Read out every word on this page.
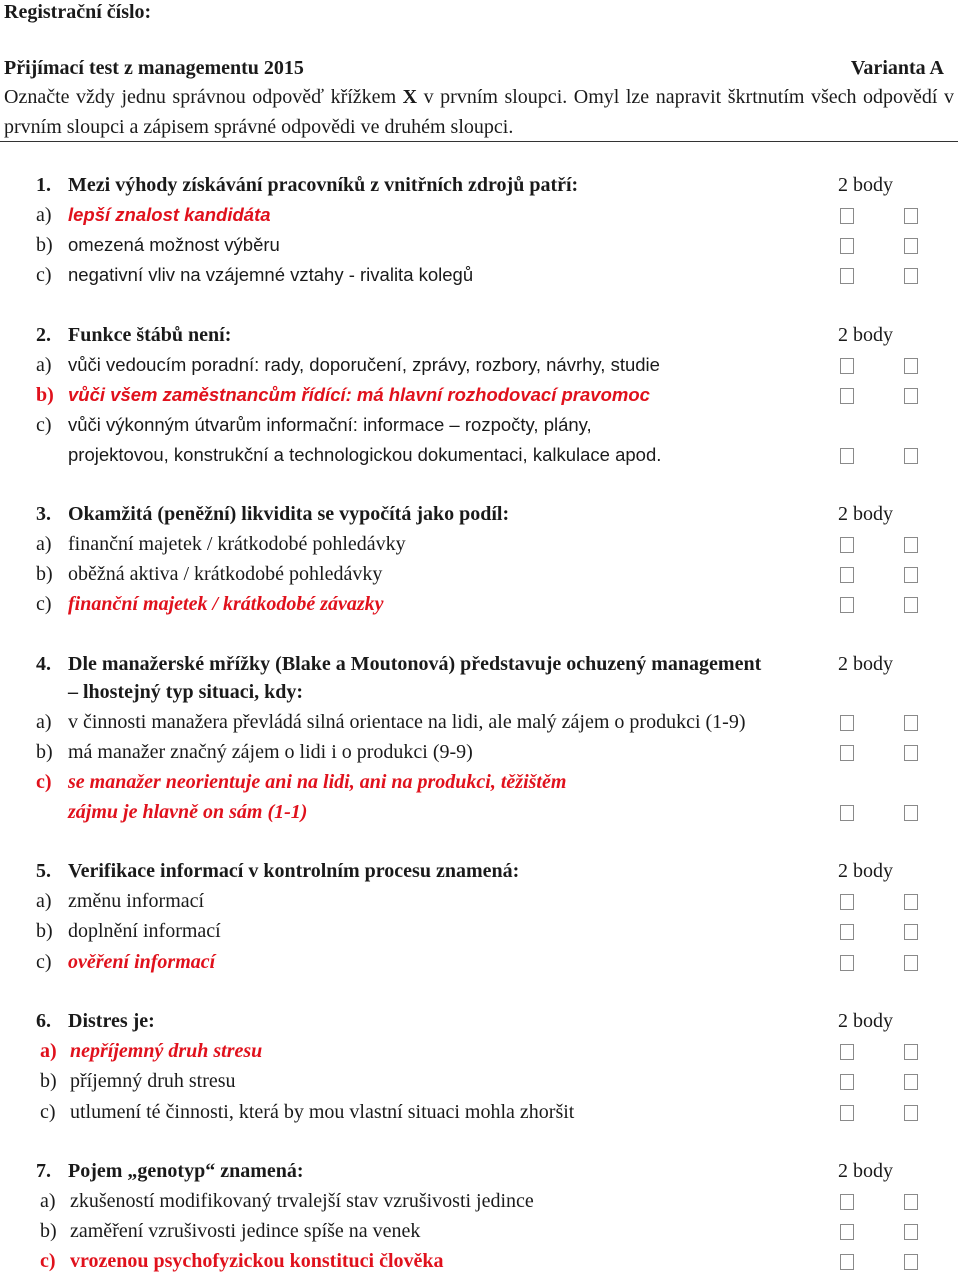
Registrační číslo:
Přijímací test z managementu 2015	Varianta A
Označte vždy jednu správnou odpověď křížkem X v prvním sloupci. Omyl lze napravit škrtnutím všech odpovědí v prvním sloupci a zápisem správné odpovědi ve druhém sloupci.
1. Mezi výhody získávání pracovníků z vnitřních zdrojů patří:	2 body
a) lepší znalost kandidáta
b) omezená možnost výběru
c) negativní vliv na vzájemné vztahy - rivalita kolegů
2. Funkce štábů není:	2 body
a) vůči vedoucím poradní: rady, doporučení, zprávy, rozbory, návrhy, studie
b) vůči všem zaměstnancům řídící: má hlavní rozhodovací pravomoc
c) vůči výkonným útvarům informační: informace – rozpočty, plány,
projektovou, konstrukční a technologickou dokumentaci, kalkulace apod.
3. Okamžitá (peněžní) likvidita se vypočítá jako podíl:	2 body
a) finanční majetek / krátkodobé pohledávky
b) oběžná aktiva / krátkodobé pohledávky
c) finanční majetek / krátkodobé závazky
4. Dle manažerské mřížky (Blake a Moutonová) představuje ochuzený management	2 body
– lhostejný typ situaci, kdy:
a) v činnosti manažera převládá silná orientace na lidi, ale malý zájem o produkci (1-9)
b) má manažer značný zájem o lidi i o produkci (9-9)
c) se manažer neorientuje ani na lidi, ani na produkci, těžištěm
zájmu je hlavně on sám (1-1)
5. Verifikace informací v kontrolním procesu znamená:	2 body
a) změnu informací
b) doplnění informací
c) ověření informací
6. Distres je:	2 body
a) nepříjemný druh stresu
b) příjemný druh stresu
c) utlumení té činnosti, která by mou vlastní situaci mohla zhoršit
7. Pojem „genotyp“ znamená:	2 body
a) zkušeností modifikovaný trvalejší stav vzrušivosti jedince
b) zaměření vzrušivosti jedince spíše na venek
c) vrozenou psychofyzickou konstituci člověka
